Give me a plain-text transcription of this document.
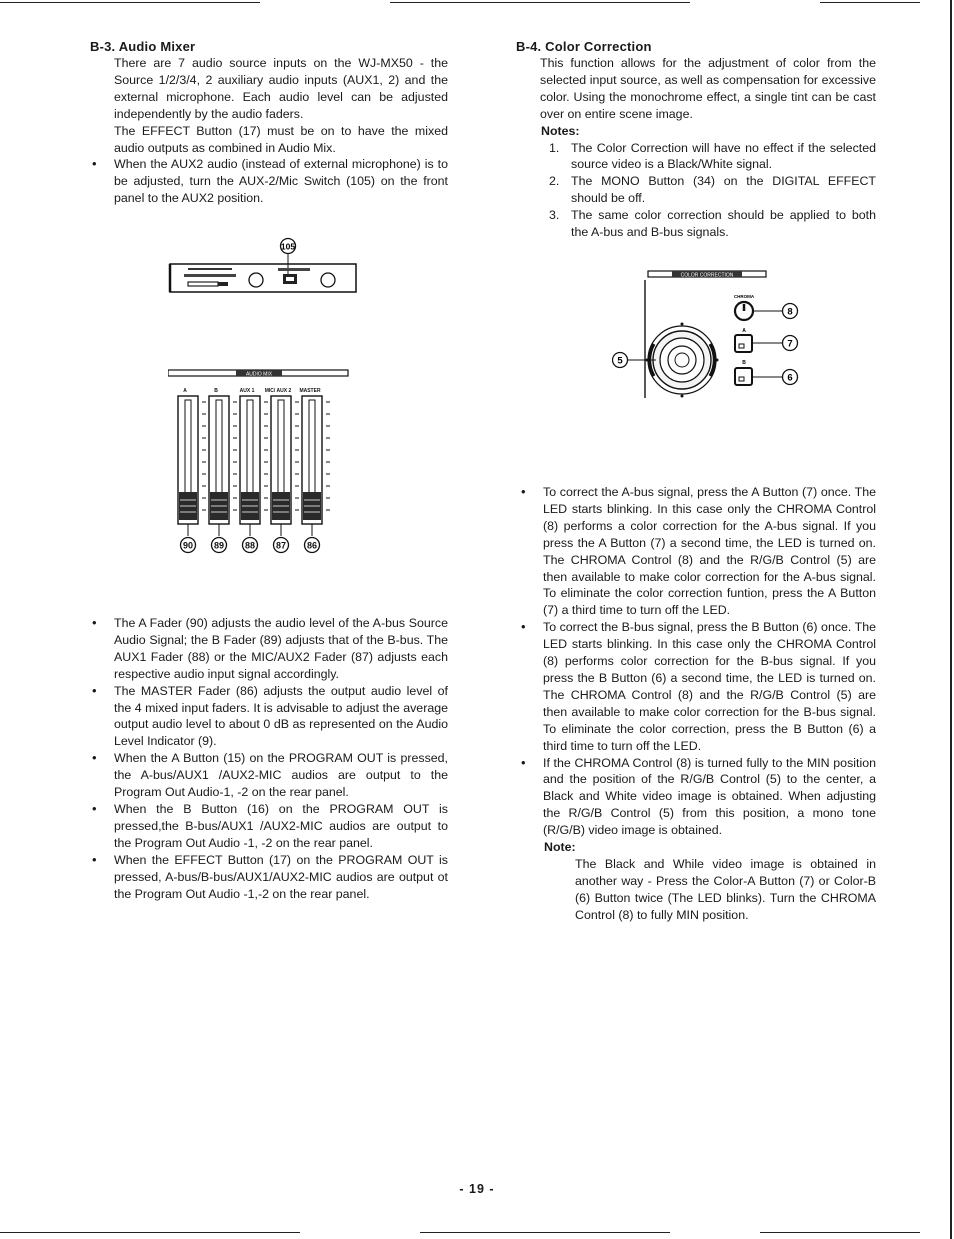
B-3. Audio Mixer

There are 7 audio source inputs on the WJ-MX50 - the Source 1/2/3/4, 2 auxiliary audio inputs (AUX1, 2) and the external microphone. Each audio level can be adjusted independently by the audio faders.

The EFFECT Button (17) must be on to have the mixed audio outputs as combined in Audio Mix.

• When the AUX2 audio (instead of external microphone) is to be adjusted, turn the AUX-2/Mic Switch (105) on the front panel to the AUX2 position.
105
AUDIO MIX
A	B	AUX 1 MIC/ AUX 2 MASTER
90 89 88 87 86
• The A Fader (90) adjusts the audio level of the A-bus Source Audio Signal; the B Fader (89) adjusts that of the B-bus. The AUX1 Fader (88) or the MIC/AUX2 Fader (87) adjusts each respective audio input signal accordingly.
• The MASTER Fader (86) adjusts the output audio level of the 4 mixed input faders. It is advisable to adjust the average output audio level to about 0 dB as represented on the Audio Level Indicator (9).
• When the A Button (15) on the PROGRAM OUT is pressed, the A-bus/AUX1 /AUX2-MIC audios are output to the Program Out Audio-1, -2 on the rear panel.
• When the B Button (16) on the PROGRAM OUT is pressed,the B-bus/AUX1 /AUX2-MIC audios are output to the Program Out Audio -1, -2 on the rear panel.
• When the EFFECT Button (17) on the PROGRAM OUT is pressed, A-bus/B-bus/AUX1/AUX2-MIC audios are output ot the Program Out Audio -1,-2 on the rear panel.
B-4. Color Correction

This function allows for the adjustment of color from the selected input source, as well as compensation for excessive color. Using the monochrome effect, a single tint can be cast over on entire scene image.

Notes:

1. The Color Correction will have no effect if the selected source video is a Black/White signal.
2. The MONO Button (34) on the DIGITAL EFFECT should be off.
3. The same color correction should be applied to both the A-bus and B-bus signals.
COLOR CORRECTION
5
CHROMA
8
A
7
B
6
• To correct the A-bus signal, press the A Button (7) once. The LED starts blinking. In this case only the CHROMA Control (8) performs a color correction for the A-bus signal. If you press the A Button (7) a second time, the LED is turned on. The CHROMA Control (8) and the R/G/B Control (5) are then available to make color correction for the A-bus signal. To eliminate the color correction funtion, press the A Button (7) a third time to turn off the LED.
• To correct the B-bus signal, press the B Button (6) once. The LED starts blinking. In this case only the CHROMA Control (8) performs color correction for the B-bus signal. If you press the B Button (6) a second time, the LED is turned on. The CHROMA Control (8) and the R/G/B Control (5) are then available to make color correction for the B-bus signal. To eliminate the color correction, press the B Button (6) a third time to turn off the LED.
• If the CHROMA Control (8) is turned fully to the MIN position and the position of the R/G/B Control (5) to the center, a Black and White video image is obtained. When adjusting the R/G/B Control (5) from this position, a mono tone (R/G/B) video image is obtained.

Note:

The Black and While video image is obtained in another way - Press the Color-A Button (7) or Color-B (6) Button twice (The LED blinks). Turn the CHROMA Control (8) to fully MIN position.

- 19 -
